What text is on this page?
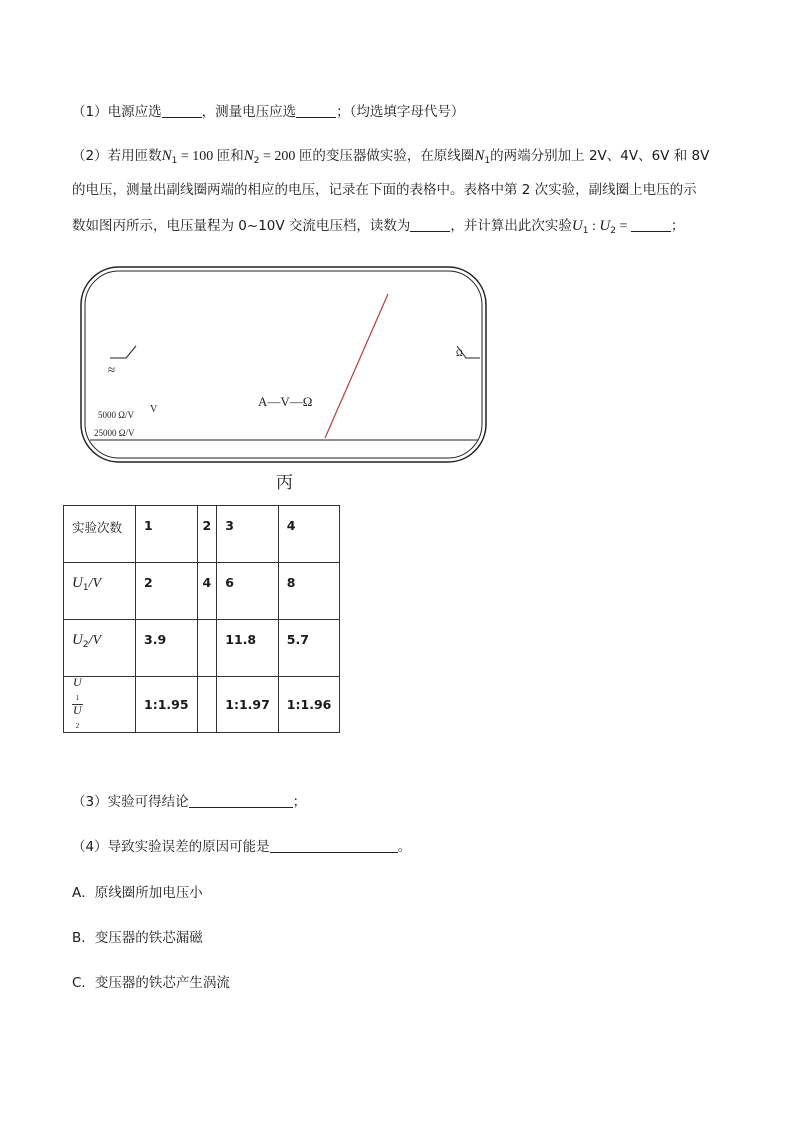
（1）电源应选	，测量电压应选	；（均选填字母代号）
（2）若用匝数$N_1 = 100$ 匝和$N_2 = 200$ 匝的变压器做实验，在原线圈$N_1$的两端分别加上 2V、4V、6V 和 8V
的电压，测量出副线圈两端的相应的电压，记录在下面的表格中。表格中第 2 次实验，副线圈上电压的示
数如图丙所示，电压量程为 0~10V 交流电压档，读数为	，并计算出此次实验$U_1$ : $U_2$ =	；
A—V—Ω
Ω
≈
V
5000 Ω/V
25000 Ω/V
丙
实验次数	1	2	3	4
$U_1/V$	2	4	6	8
$U_2/V$	3.9		11.8	5.7

U
$_1$
U
$_2$	1:1.95		1:1.97	1:1.96
（3）实验可得结论	；
（4）导致实验误差的原因可能是	。
A．原线圈所加电压小
B．变压器的铁芯漏磁
C．变压器的铁芯产生涡流
